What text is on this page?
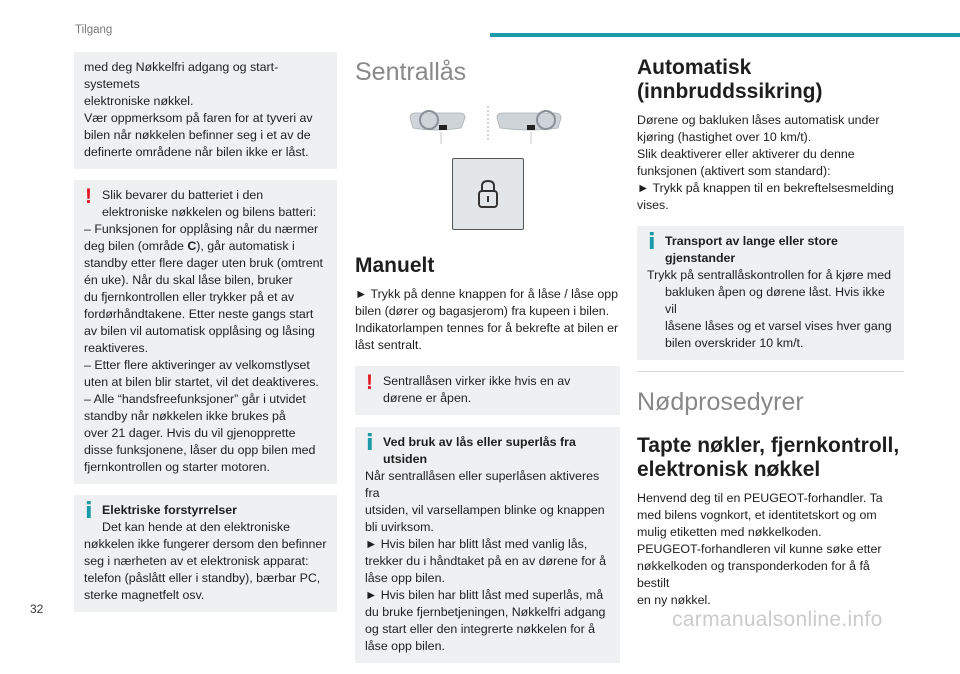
Tilgang
med deg Nøkkelfri adgang og start-systemets
elektroniske nøkkel.
Vær oppmerksom på faren for at tyveri av
bilen når nøkkelen befinner seg i et av de
definerte områdene når bilen ikke er låst.
! Slik bevarer du batteriet i den
elektroniske nøkkelen og bilens batteri:
– Funksjonen for opplåsing når du nærmer
deg bilen (område C), går automatisk i
standby etter flere dager uten bruk (omtrent
én uke). Når du skal låse bilen, bruker
du fjernkontrollen eller trykker på et av
fordørhåndtakene. Etter neste gangs start
av bilen vil automatisk opplåsing og låsing
reaktiveres.
– Etter flere aktiveringer av velkomstlyset
uten at bilen blir startet, vil det deaktiveres.
– Alle “handsfreefunksjoner” går i utvidet
standby når nøkkelen ikke brukes på
over 21 dager. Hvis du vil gjenopprette
disse funksjonene, låser du opp bilen med
fjernkontrollen og starter motoren.
i Elektriske forstyrrelser
Det kan hende at den elektroniske
nøkkelen ikke fungerer dersom den befinner
seg i nærheten av et elektronisk apparat:
telefon (påslått eller i standby), bærbar PC,
sterke magnetfelt osv.
Sentrallås
Manuelt
► Trykk på denne knappen for å låse / låse opp
bilen (dører og bagasjerom) fra kupeen i bilen.
Indikatorlampen tennes for å bekrefte at bilen er
låst sentralt.
! Sentrallåsen virker ikke hvis en av
dørene er åpen.
i Ved bruk av lås eller superlås fra
utsiden
Når sentrallåsen eller superlåsen aktiveres fra
utsiden, vil varsellampen blinke og knappen
bli uvirksom.
► Hvis bilen har blitt låst med vanlig lås,
trekker du i håndtaket på en av dørene for å
låse opp bilen.
► Hvis bilen har blitt låst med superlås, må
du bruke fjernbetjeningen, Nøkkelfri adgang
og start eller den integrerte nøkkelen for å
låse opp bilen.
Automatisk
(innbruddssikring)
Dørene og bakluken låses automatisk under
kjøring (hastighet over 10 km/t).
Slik deaktiverer eller aktiverer du denne
funksjonen (aktivert som standard):
► Trykk på knappen til en bekreftelsesmelding
vises.
i Transport av lange eller store
gjenstander
Trykk på sentrallåskontrollen for å kjøre med
bakluken åpen og dørene låst. Hvis ikke vil
låsene låses og et varsel vises hver gang
bilen overskrider 10 km/t.
Nødprosedyrer
Tapte nøkler, fjernkontroll,
elektronisk nøkkel
Henvend deg til en PEUGEOT-forhandler. Ta
med bilens vognkort, et identitetskort og om
mulig etiketten med nøkkelkoden.
PEUGEOT-forhandleren vil kunne søke etter
nøkkelkoden og transponderkoden for å få bestilt
en ny nøkkel.
32	carmanualsonline.info
